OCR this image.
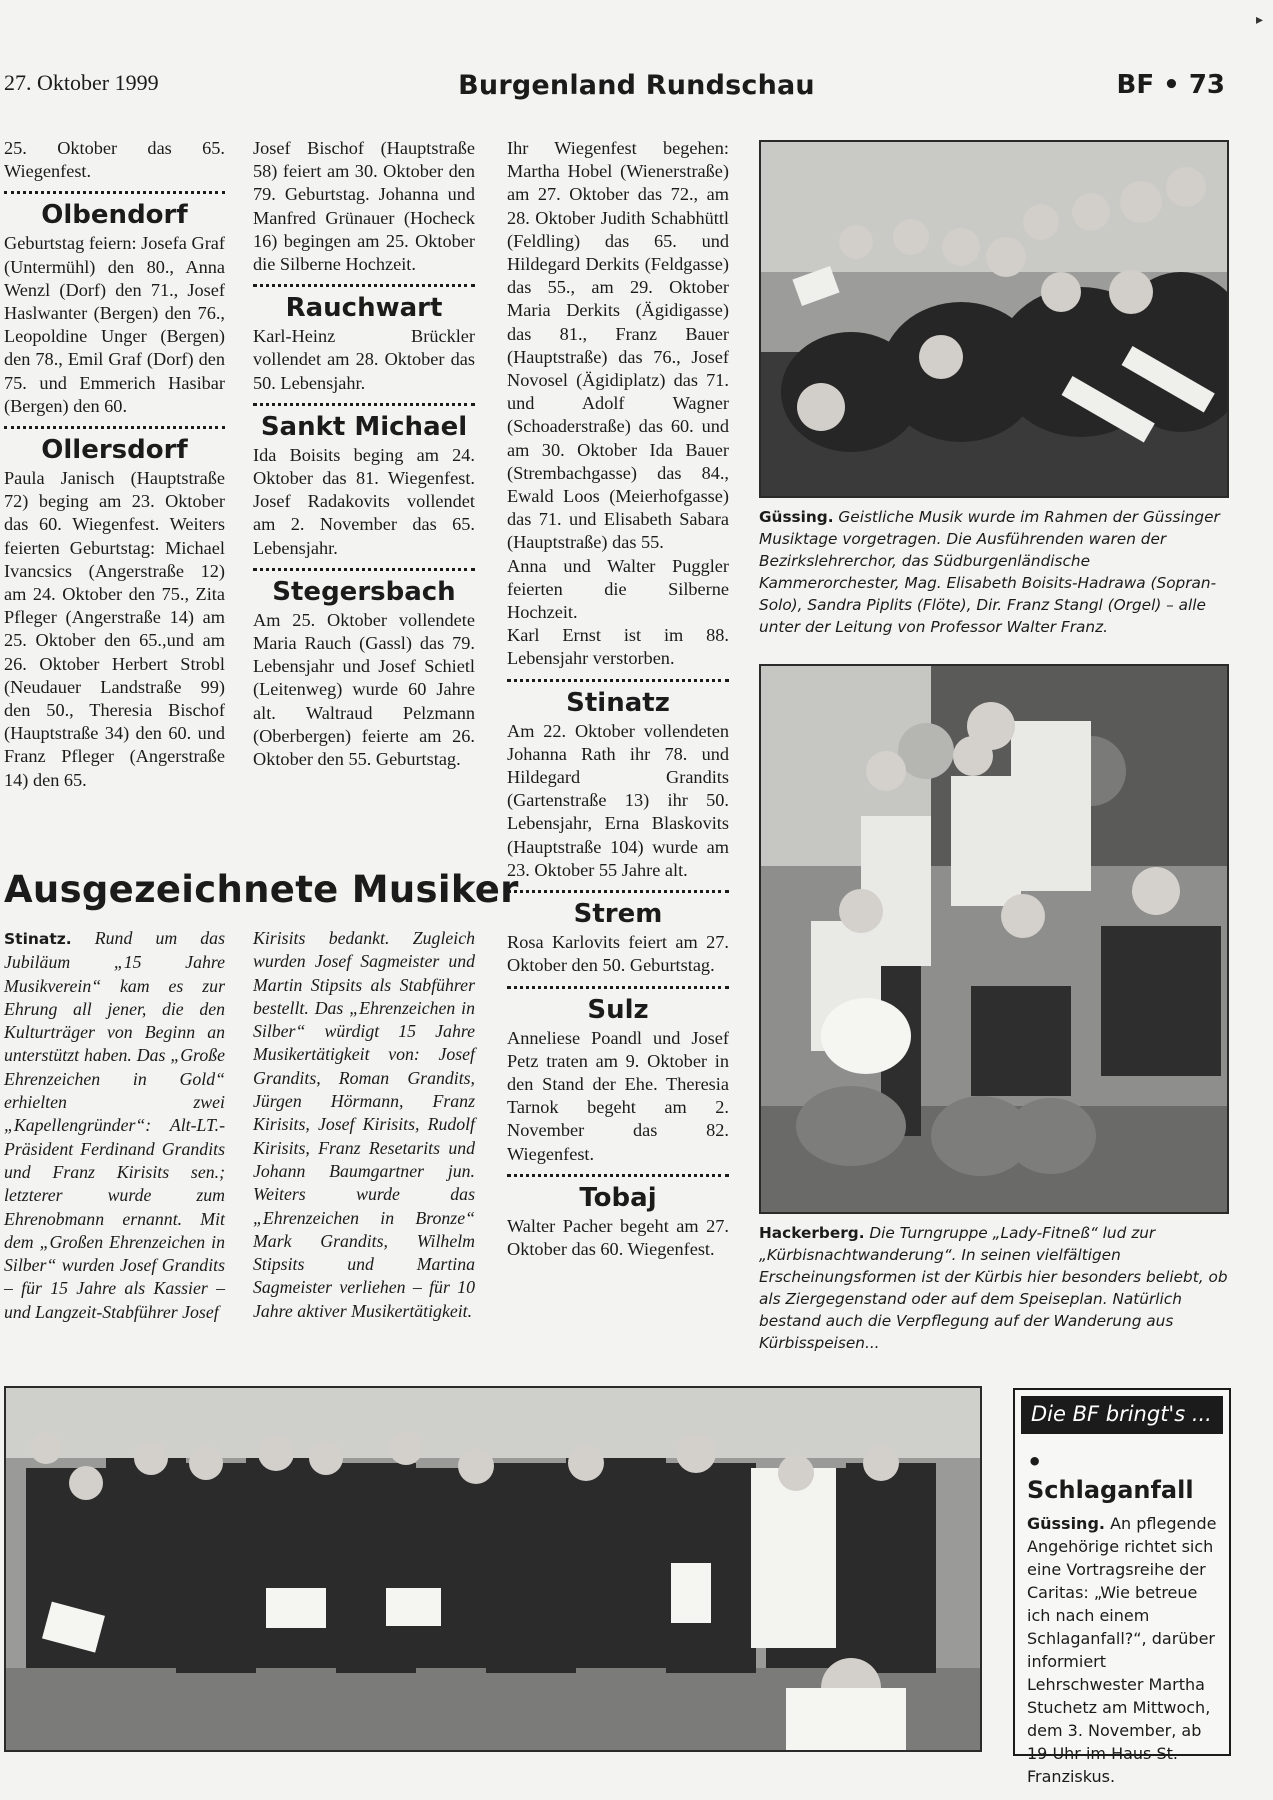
27. Oktober 1999	Burgenland Rundschau	BF • 73

25. Oktober das 65. Wiegenfest.

Olbendorf

Geburtstag feiern: Josefa Graf (Untermühl) den 80., Anna Wenzl (Dorf) den 71., Josef Haslwanter (Bergen) den 76., Leopoldine Unger (Bergen) den 78., Emil Graf (Dorf) den 75. und Emmerich Hasibar (Bergen) den 60.

Ollersdorf

Paula Janisch (Hauptstraße 72) beging am 23. Oktober das 60. Wiegenfest. Weiters feierten Geburtstag: Michael Ivancsics (Angerstraße 12) am 24. Oktober den 75., Zita Pfleger (Angerstraße 14) am 25. Oktober den 65.,und am 26. Oktober Herbert Strobl (Neudauer Landstraße 99) den 50., Theresia Bischof (Hauptstraße 34) den 60. und Franz Pfleger (Angerstraße 14) den 65.

Josef Bischof (Hauptstraße 58) feiert am 30. Oktober den 79. Geburtstag. Johanna und Manfred Grünauer (Hocheck 16) begingen am 25. Oktober die Silberne Hochzeit.

Rauchwart

Karl-Heinz Brückler vollendet am 28. Oktober das 50. Lebensjahr.

Sankt Michael

Ida Boisits beging am 24. Oktober das 81. Wiegenfest. Josef Radakovits vollendet am 2. November das 65. Lebensjahr.

Stegersbach

Am 25. Oktober vollendete Maria Rauch (Gassl) das 79. Lebensjahr und Josef Schietl (Leitenweg) wurde 60 Jahre alt. Waltraud Pelzmann (Oberbergen) feierte am 26. Oktober den 55. Geburtstag.

Ihr Wiegenfest begehen: Martha Hobel (Wienerstraße) am 27. Oktober das 72., am 28. Oktober Judith Schabhüttl (Feldling) das 65. und Hildegard Derkits (Feldgasse) das 55., am 29. Oktober Maria Derkits (Ägidigasse) das 81., Franz Bauer (Hauptstraße) das 76., Josef Novosel (Ägidiplatz) das 71. und Adolf Wagner (Schoaderstraße) das 60. und am 30. Oktober Ida Bauer (Strembachgasse) das 84., Ewald Loos (Meierhofgasse) das 71. und Elisabeth Sabara (Hauptstraße) das 55.

Anna und Walter Puggler feierten die Silberne Hochzeit.

Karl Ernst ist im 88. Lebensjahr verstorben.

Stinatz

Am 22. Oktober vollendeten Johanna Rath ihr 78. und Hildegard Grandits (Gartenstraße 13) ihr 50. Lebensjahr, Erna Blaskovits (Hauptstraße 104) wurde am 23. Oktober 55 Jahre alt.

Strem

Rosa Karlovits feiert am 27. Oktober den 50. Geburtstag.

Sulz

Anneliese Poandl und Josef Petz traten am 9. Oktober in den Stand der Ehe. Theresia Tarnok begeht am 2. November das 82. Wiegenfest.

Tobaj

Walter Pacher begeht am 27. Oktober das 60. Wiegenfest.

Ausgezeichnete Musiker

Stinatz. Rund um das Jubiläum „15 Jahre Musikverein“ kam es zur Ehrung all jener, die den Kulturträger von Beginn an unterstützt haben. Das „Große Ehrenzeichen in Gold“ erhielten zwei „Kapellengründer“: Alt-LT.-Präsident Ferdinand Grandits und Franz Kirisits sen.; letzterer wurde zum Ehrenobmann ernannt. Mit dem „Großen Ehrenzeichen in Silber“ wurden Josef Grandits – für 15 Jahre als Kassier – und Langzeit-Stabführer Josef

Kirisits bedankt. Zugleich wurden Josef Sagmeister und Martin Stipsits als Stabführer bestellt. Das „Ehrenzeichen in Silber“ würdigt 15 Jahre Musikertätigkeit von: Josef Grandits, Roman Grandits, Jürgen Hörmann, Franz Kirisits, Josef Kirisits, Rudolf Kirisits, Franz Resetarits und Johann Baumgartner jun. Weiters wurde das „Ehrenzeichen in Bronze“ Mark Grandits, Wilhelm Stipsits und Martina Sagmeister verliehen – für 10 Jahre aktiver Musikertätigkeit.

Güssing. Geistliche Musik wurde im Rahmen der Güssinger Musiktage vorgetragen. Die Ausführenden waren der Bezirkslehrerchor, das Südburgenländische Kammerorchester, Mag. Elisabeth Boisits-Hadrawa (Sopran-Solo), Sandra Piplits (Flöte), Dir. Franz Stangl (Orgel) – alle unter der Leitung von Professor Walter Franz.

Hackerberg. Die Turngruppe „Lady-Fitneß“ lud zur „Kürbisnachtwanderung“. In seinen vielfältigen Erscheinungsformen ist der Kürbis hier besonders beliebt, ob als Ziergegenstand oder auf dem Speiseplan. Natürlich bestand auch die Verpflegung auf der Wanderung aus Kürbisspeisen...

Die BF bringt's ...
• Schlaganfall
Güssing. An pflegende Angehörige richtet sich eine Vortragsreihe der Caritas: „Wie betreue ich nach einem Schlaganfall?“, darüber informiert Lehrschwester Martha Stuchetz am Mittwoch, dem 3. November, ab 19 Uhr im Haus St. Franziskus.
▸
